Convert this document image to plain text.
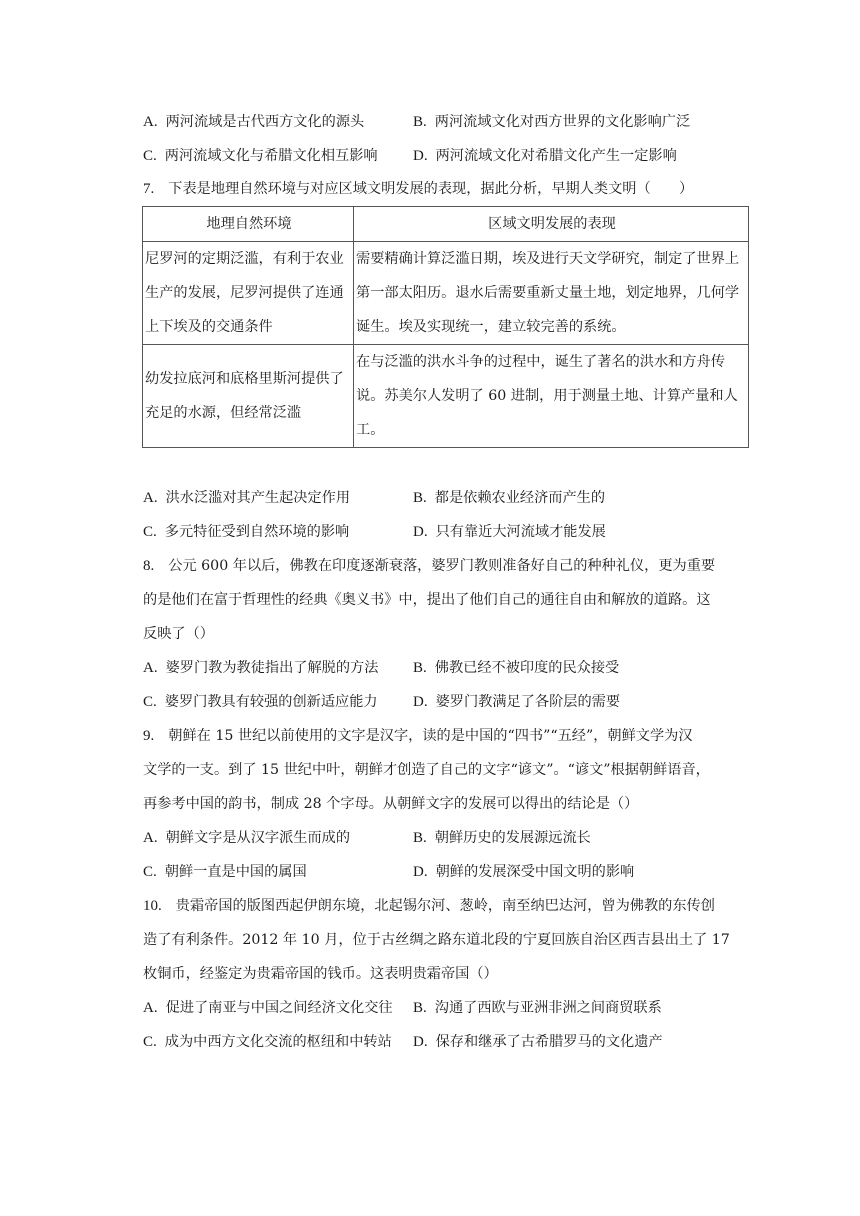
A. 两河流域是古代西方文化的源头	B. 两河流域文化对西方世界的文化影响广泛
C. 两河流域文化与希腊文化相互影响 D. 两河流域文化对希腊文化产生一定影响
7. 下表是地理自然环境与对应区域文明发展的表现，据此分析，早期人类文明（　　）
地理自然环境	区域文明发展的表现

尼罗河的定期泛滥，有利于农业生产的发展，尼罗河提供了连通上下埃及的交通条件	需要精确计算泛滥日期，埃及进行天文学研究，制定了世界上第一部太阳历。退水后需要重新丈量土地，划定地界，几何学诞生。埃及实现统一，建立较完善的系统。

幼发拉底河和底格里斯河提供了充足的水源，但经常泛滥	在与泛滥的洪水斗争的过程中，诞生了著名的洪水和方舟传说。苏美尔人发明了 60 进制，用于测量土地、计算产量和人工。
A. 洪水泛滥对其产生起决定作用	B. 都是依赖农业经济而产生的
C. 多元特征受到自然环境的影响	D. 只有靠近大河流域才能发展
8. 公元 600 年以后，佛教在印度逐渐衰落，婆罗门教则准备好自己的种种礼仪，更为重要
的是他们在富于哲理性的经典《奥义书》中，提出了他们自己的通往自由和解放的道路。这
反映了（）
A. 婆罗门教为教徒指出了解脱的方法 B. 佛教已经不被印度的民众接受
C. 婆罗门教具有较强的创新适应能力 D. 婆罗门教满足了各阶层的需要
9. 朝鲜在 15 世纪以前使用的文字是汉字，读的是中国的“四书”“五经”，朝鲜文学为汉
文学的一支。到了 15 世纪中叶，朝鲜才创造了自己的文字“谚文”。“谚文”根据朝鲜语音，
再参考中国的韵书，制成 28 个字母。从朝鲜文字的发展可以得出的结论是（）
A. 朝鲜文字是从汉字派生而成的	B. 朝鲜历史的发展源远流长
C. 朝鲜一直是中国的属国	D. 朝鲜的发展深受中国文明的影响
10. 贵霜帝国的版图西起伊朗东境，北起锡尔河、葱岭，南至纳巴达河，曾为佛教的东传创
造了有利条件。2012 年 10 月，位于古丝绸之路东道北段的宁夏回族自治区西吉县出土了 17
枚铜币，经鉴定为贵霜帝国的钱币。这表明贵霜帝国（）
A. 促进了南亚与中国之间经济文化交往 B. 沟通了西欧与亚洲非洲之间商贸联系
C. 成为中西方文化交流的枢纽和中转站 D. 保存和继承了古希腊罗马的文化遗产
